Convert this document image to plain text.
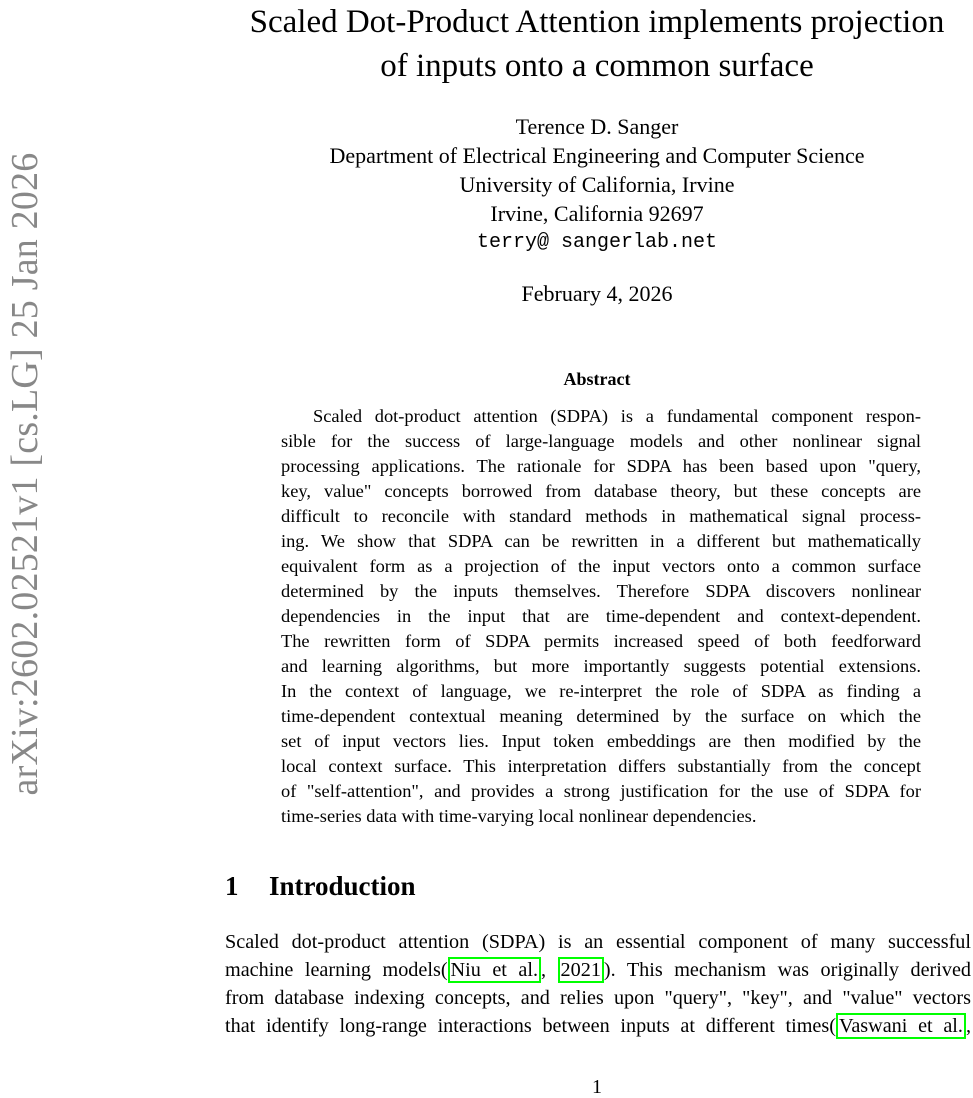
arXiv:2602.02521v1 [cs.LG] 25 Jan 2026
Scaled Dot-Product Attention implements projection
of inputs onto a common surface
Terence D. Sanger
Department of Electrical Engineering and Computer Science
University of California, Irvine
Irvine, California 92697
terry@ sangerlab.net
February 4, 2026
Abstract
Scaled dot-product attention (SDPA) is a fundamental component respon-
sible for the success of large-language models and other nonlinear signal
processing applications. The rationale for SDPA has been based upon "query,
key, value" concepts borrowed from database theory, but these concepts are
difficult to reconcile with standard methods in mathematical signal process-
ing. We show that SDPA can be rewritten in a different but mathematically
equivalent form as a projection of the input vectors onto a common surface
determined by the inputs themselves. Therefore SDPA discovers nonlinear
dependencies in the input that are time-dependent and context-dependent.
The rewritten form of SDPA permits increased speed of both feedforward
and learning algorithms, but more importantly suggests potential extensions.
In the context of language, we re-interpret the role of SDPA as finding a
time-dependent contextual meaning determined by the surface on which the
set of input vectors lies. Input token embeddings are then modified by the
local context surface. This interpretation differs substantially from the concept
of "self-attention", and provides a strong justification for the use of SDPA for
time-series data with time-varying local nonlinear dependencies.
1 Introduction
Scaled dot-product attention (SDPA) is an essential component of many successful
machine learning models( Niu et al. , 2021 ). This mechanism was originally derived
from database indexing concepts, and relies upon "query", "key", and "value" vectors
that identify long-range interactions between inputs at different times( Vaswani et al. ,
1
